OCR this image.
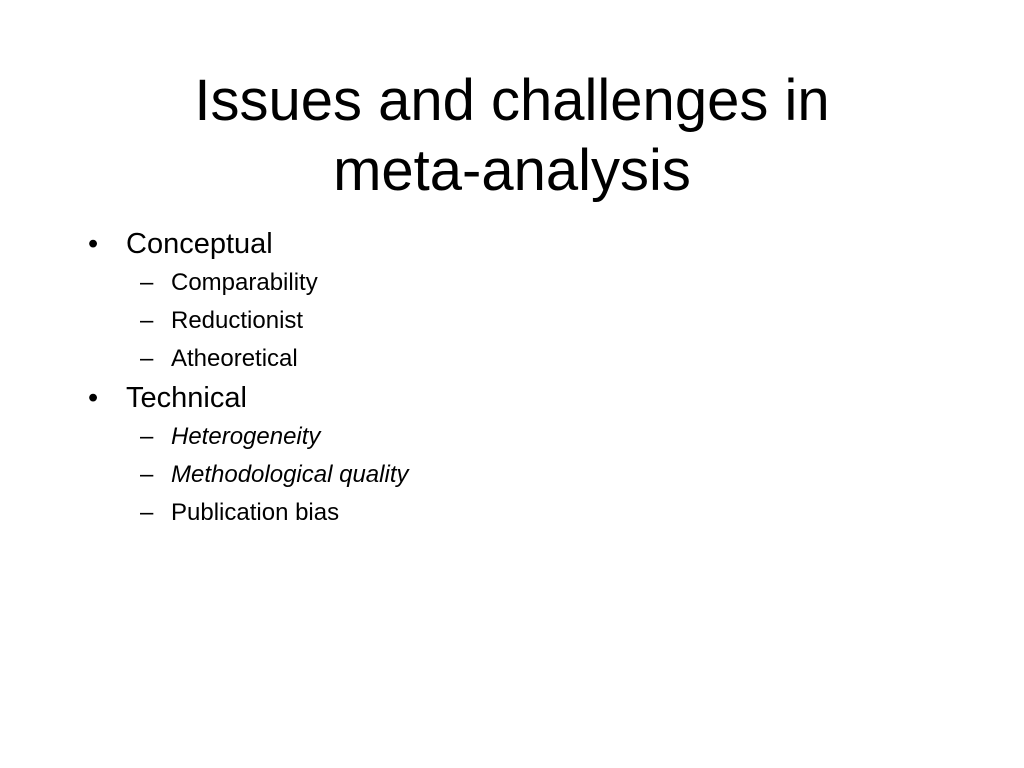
Issues and challenges in
meta-analysis
• Conceptual
– Comparability
– Reductionist
– Atheoretical
• Technical
– Heterogeneity
– Methodological quality
– Publication bias
